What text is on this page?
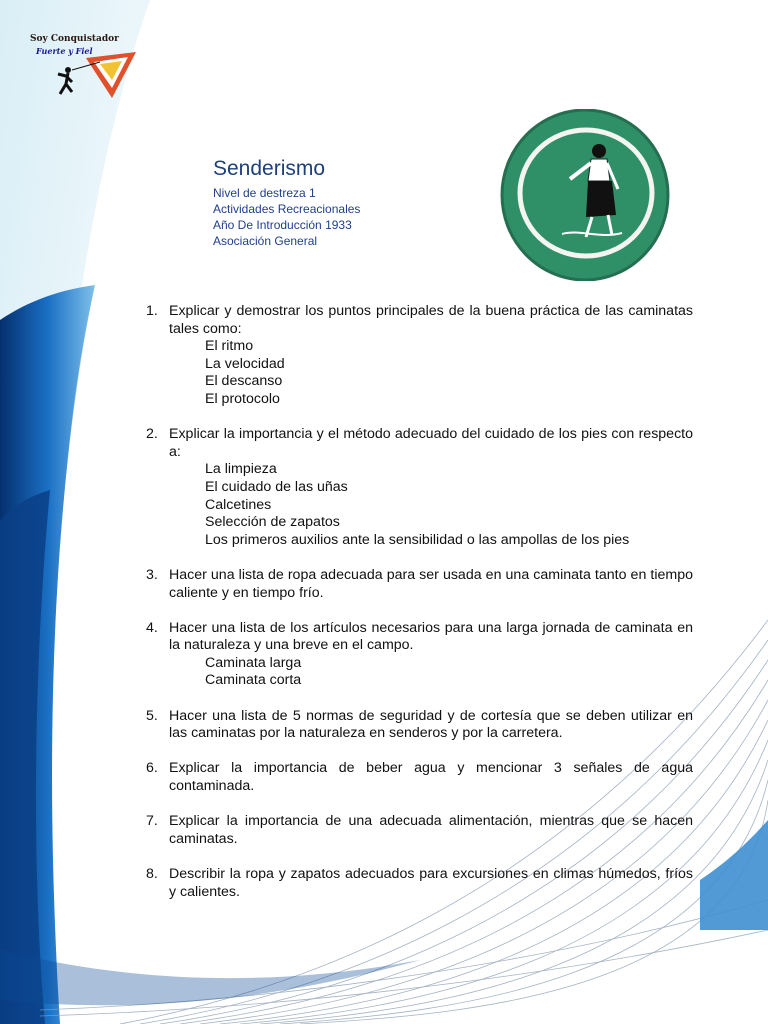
Soy Conquistador
Fuerte y Fiel
Senderismo
Nivel de destreza 1
Actividades Recreacionales
Año De Introducción 1933
Asociación General
1. Explicar y demostrar los puntos principales de la buena práctica de las caminatas tales como:
El ritmo
La velocidad
El descanso
El protocolo
2. Explicar la importancia y el método adecuado del cuidado de los pies con respecto a:
La limpieza
El cuidado de las uñas
Calcetines
Selección de zapatos
Los primeros auxilios ante la sensibilidad o las ampollas de los pies
3. Hacer una lista de ropa adecuada para ser usada en una caminata tanto en tiempo caliente y en tiempo frío.
4. Hacer una lista de los artículos necesarios para una larga jornada de caminata en la naturaleza y una breve en el campo.
Caminata larga
Caminata corta
5. Hacer una lista de 5 normas de seguridad y de cortesía que se deben utilizar en las caminatas por la naturaleza en senderos y por la carretera.
6. Explicar la importancia de beber agua y mencionar 3 señales de agua contaminada.
7. Explicar la importancia de una adecuada alimentación, mientras que se hacen caminatas.
8. Describir la ropa y zapatos adecuados para excursiones en climas húmedos, fríos y calientes.
